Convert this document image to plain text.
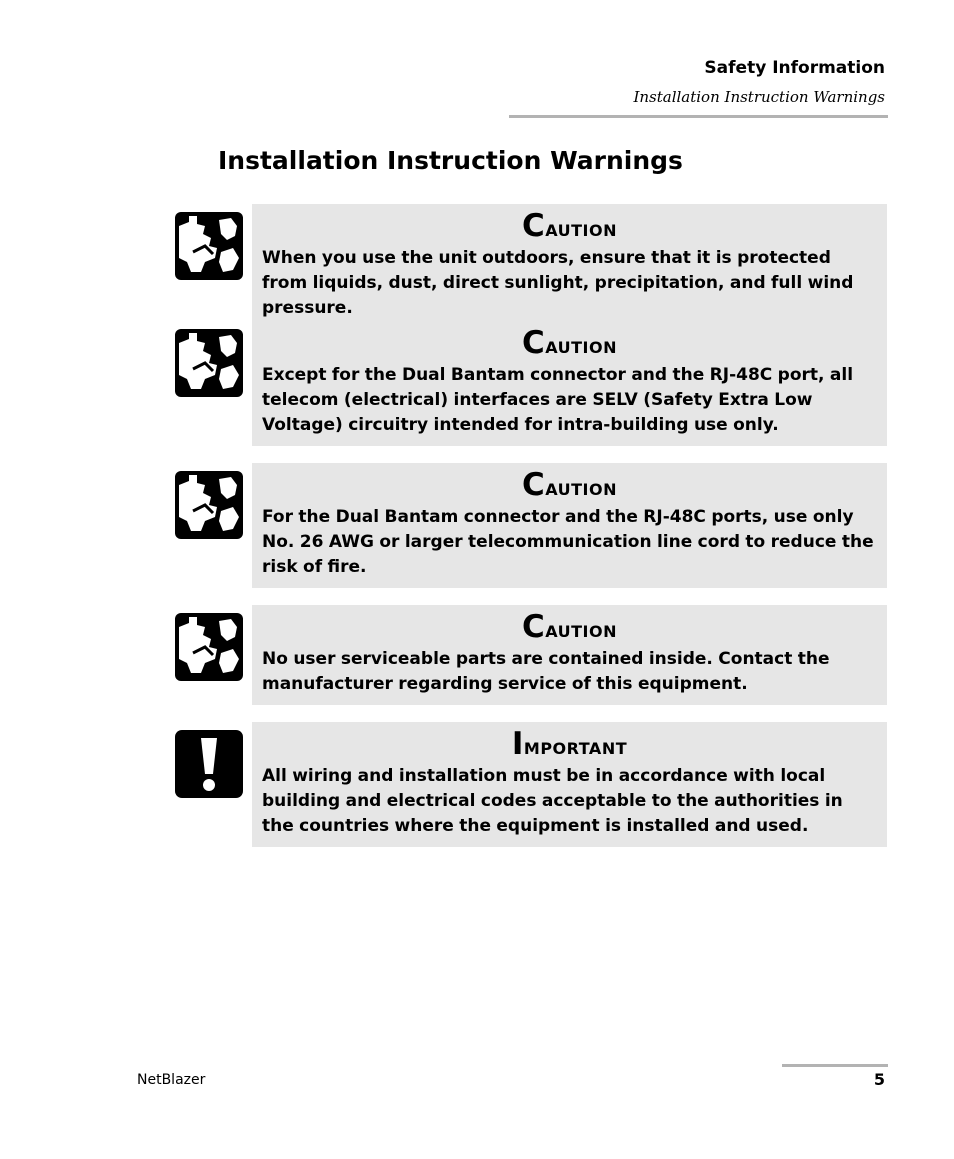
Safety Information
Installation Instruction Warnings
Installation Instruction Warnings

Caution

When you use the unit outdoors, ensure that it is protected from liquids, dust, direct sunlight, precipitation, and full wind pressure.

Caution

Except for the Dual Bantam connector and the RJ-48C port, all telecom (electrical) interfaces are SELV (Safety Extra Low Voltage) circuitry intended for intra-building use only.

Caution

For the Dual Bantam connector and the RJ-48C ports, use only No. 26 AWG or larger telecommunication line cord to reduce the risk of fire.

Caution

No user serviceable parts are contained inside. Contact the manufacturer regarding service of this equipment.

Important

All wiring and installation must be in accordance with local building and electrical codes acceptable to the authorities in the countries where the equipment is installed and used.

NetBlazer	5
